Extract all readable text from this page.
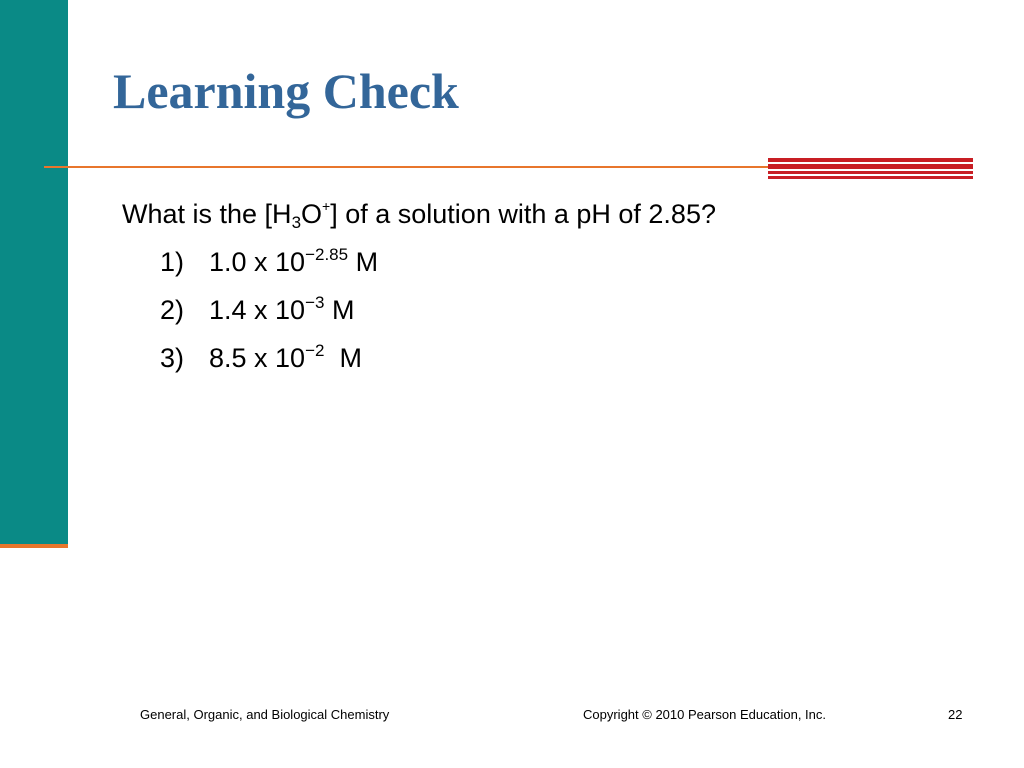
Learning Check

What is the $[H_3O^+]$ of a solution with a pH of 2.85?

1) 1.0 x $10^{-2.85}$ M
2) 1.4 x $10^{-3}$ M
3) 8.5 x $10^{-2}$ M
General, Organic, and Biological Chemistry	Copyright © 2010 Pearson Education, Inc.	22
